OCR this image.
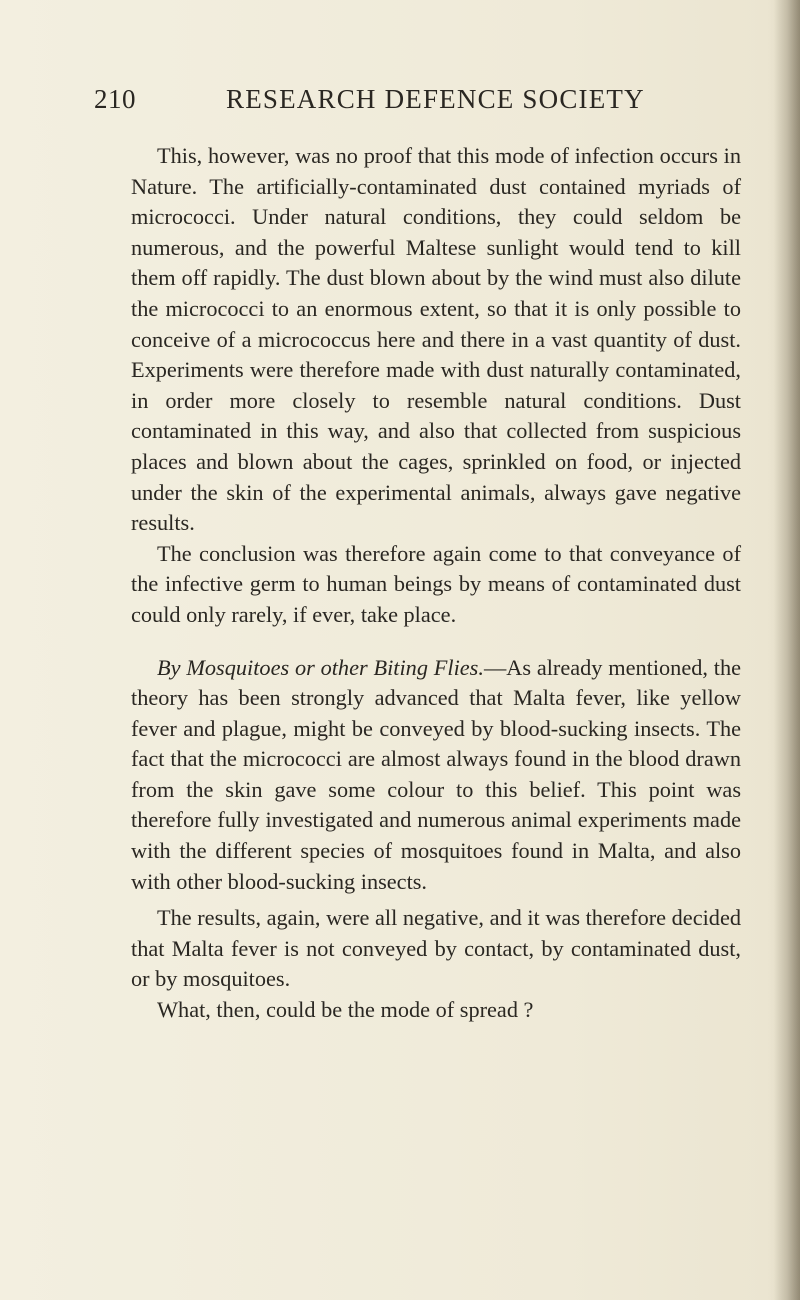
210	RESEARCH DEFENCE SOCIETY

This, however, was no proof that this mode of infection occurs in Nature. The artificially-contaminated dust contained myriads of micrococci. Under natural conditions, they could seldom be numerous, and the powerful Maltese sunlight would tend to kill them off rapidly. The dust blown about by the wind must also dilute the micrococci to an enormous extent, so that it is only possible to conceive of a micrococcus here and there in a vast quantity of dust. Experiments were therefore made with dust naturally contaminated, in order more closely to resemble natural conditions. Dust contaminated in this way, and also that collected from suspicious places and blown about the cages, sprinkled on food, or injected under the skin of the experimental animals, always gave negative results.

The conclusion was therefore again come to that conveyance of the infective germ to human beings by means of contaminated dust could only rarely, if ever, take place.

By Mosquitoes or other Biting Flies.—As already mentioned, the theory has been strongly advanced that Malta fever, like yellow fever and plague, might be conveyed by blood-sucking insects. The fact that the micrococci are almost always found in the blood drawn from the skin gave some colour to this belief. This point was therefore fully investigated and numerous animal experiments made with the different species of mosquitoes found in Malta, and also with other blood-sucking insects.

The results, again, were all negative, and it was therefore decided that Malta fever is not conveyed by contact, by contaminated dust, or by mosquitoes.

What, then, could be the mode of spread ?
